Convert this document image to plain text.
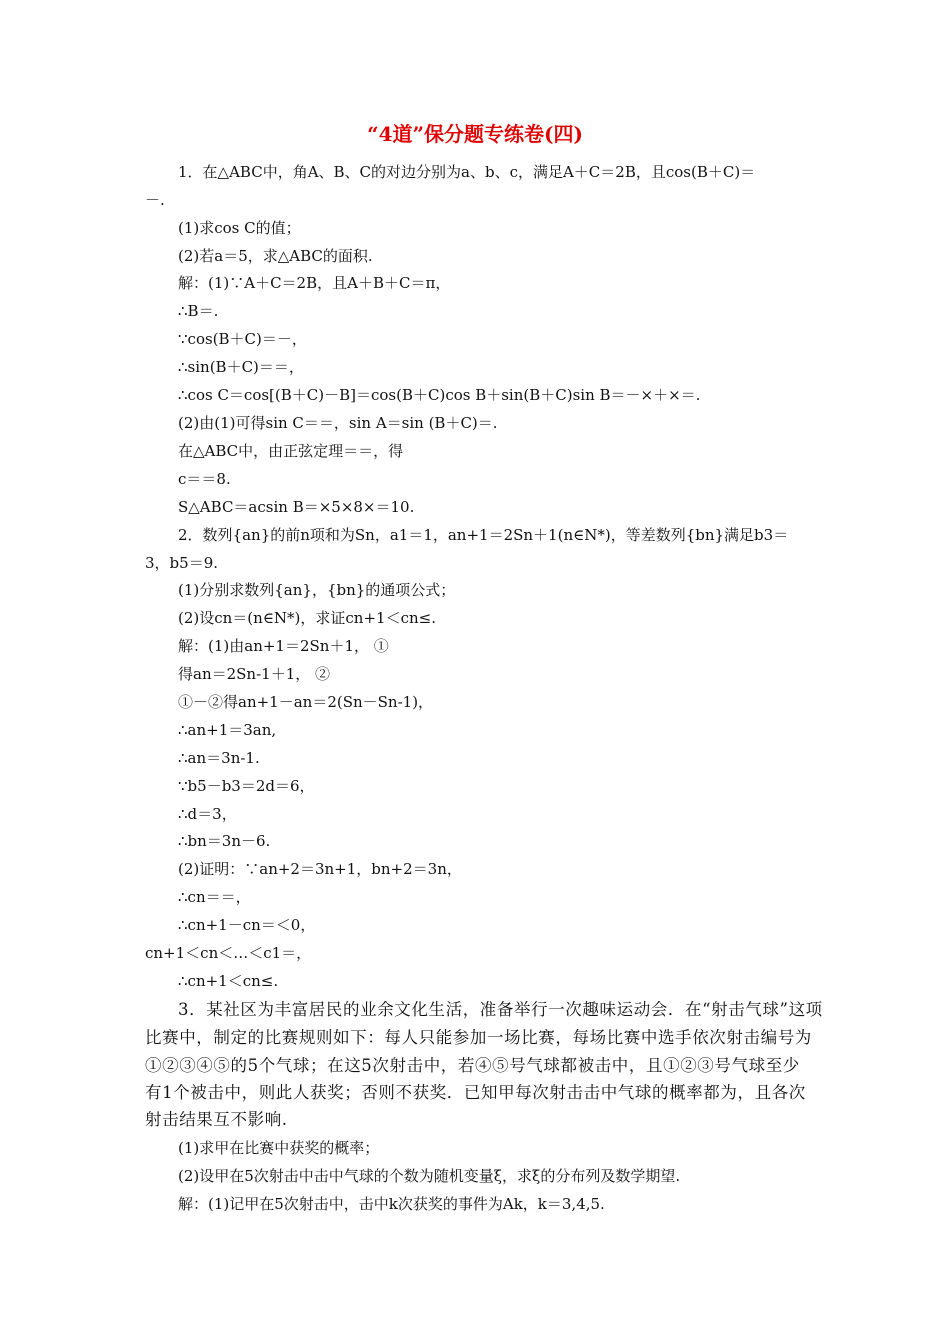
“4道”保分题专练卷(四)
1．在△ABC中，角A、B、C的对边分别为a、b、c，满足A＋C＝2B，且cos(B＋C)＝
－.
(1)求cos C的值；
(2)若a＝5，求△ABC的面积.
解：(1)∵A＋C＝2B，且A＋B＋C＝π，
∴B＝.
∵cos(B＋C)＝－，
∴sin(B＋C)＝＝，
∴cos C＝cos[(B＋C)－B]＝cos(B＋C)cos B＋sin(B＋C)sin B＝－×＋×＝.
(2)由(1)可得sin C＝＝，sin A＝sin (B＋C)＝.
在△ABC中，由正弦定理＝＝，得
c＝＝8.
S△ABC＝acsin B＝×5×8×＝10.
2．数列{an}的前n项和为Sn，a1＝1，an+1＝2Sn＋1(n∈N*)，等差数列{bn}满足b3＝
3，b5＝9.
(1)分别求数列{an}，{bn}的通项公式；
(2)设cn＝(n∈N*)，求证cn+1＜cn≤.
解：(1)由an+1＝2Sn＋1， ①
得an＝2Sn-1＋1， ②
①－②得an+1－an＝2(Sn－Sn-1)，
∴an+1＝3an,
∴an＝3n-1.
∵b5－b3＝2d＝6，
∴d＝3，
∴bn＝3n－6.
(2)证明：∵an+2＝3n+1，bn+2＝3n，
∴cn＝＝，
∴cn+1－cn＝＜0，
cn+1＜cn＜…＜c1＝，
∴cn+1＜cn≤.
3．某社区为丰富居民的业余文化生活，准备举行一次趣味运动会．在“射击气球”这项
比赛中，制定的比赛规则如下：每人只能参加一场比赛，每场比赛中选手依次射击编号为
①②③④⑤的5个气球；在这5次射击中，若④⑤号气球都被击中，且①②③号气球至少
有1个被击中，则此人获奖；否则不获奖．已知甲每次射击击中气球的概率都为，且各次
射击结果互不影响.
(1)求甲在比赛中获奖的概率；
(2)设甲在5次射击中击中气球的个数为随机变量ξ，求ξ的分布列及数学期望.
解：(1)记甲在5次射击中，击中k次获奖的事件为Ak，k＝3,4,5.
